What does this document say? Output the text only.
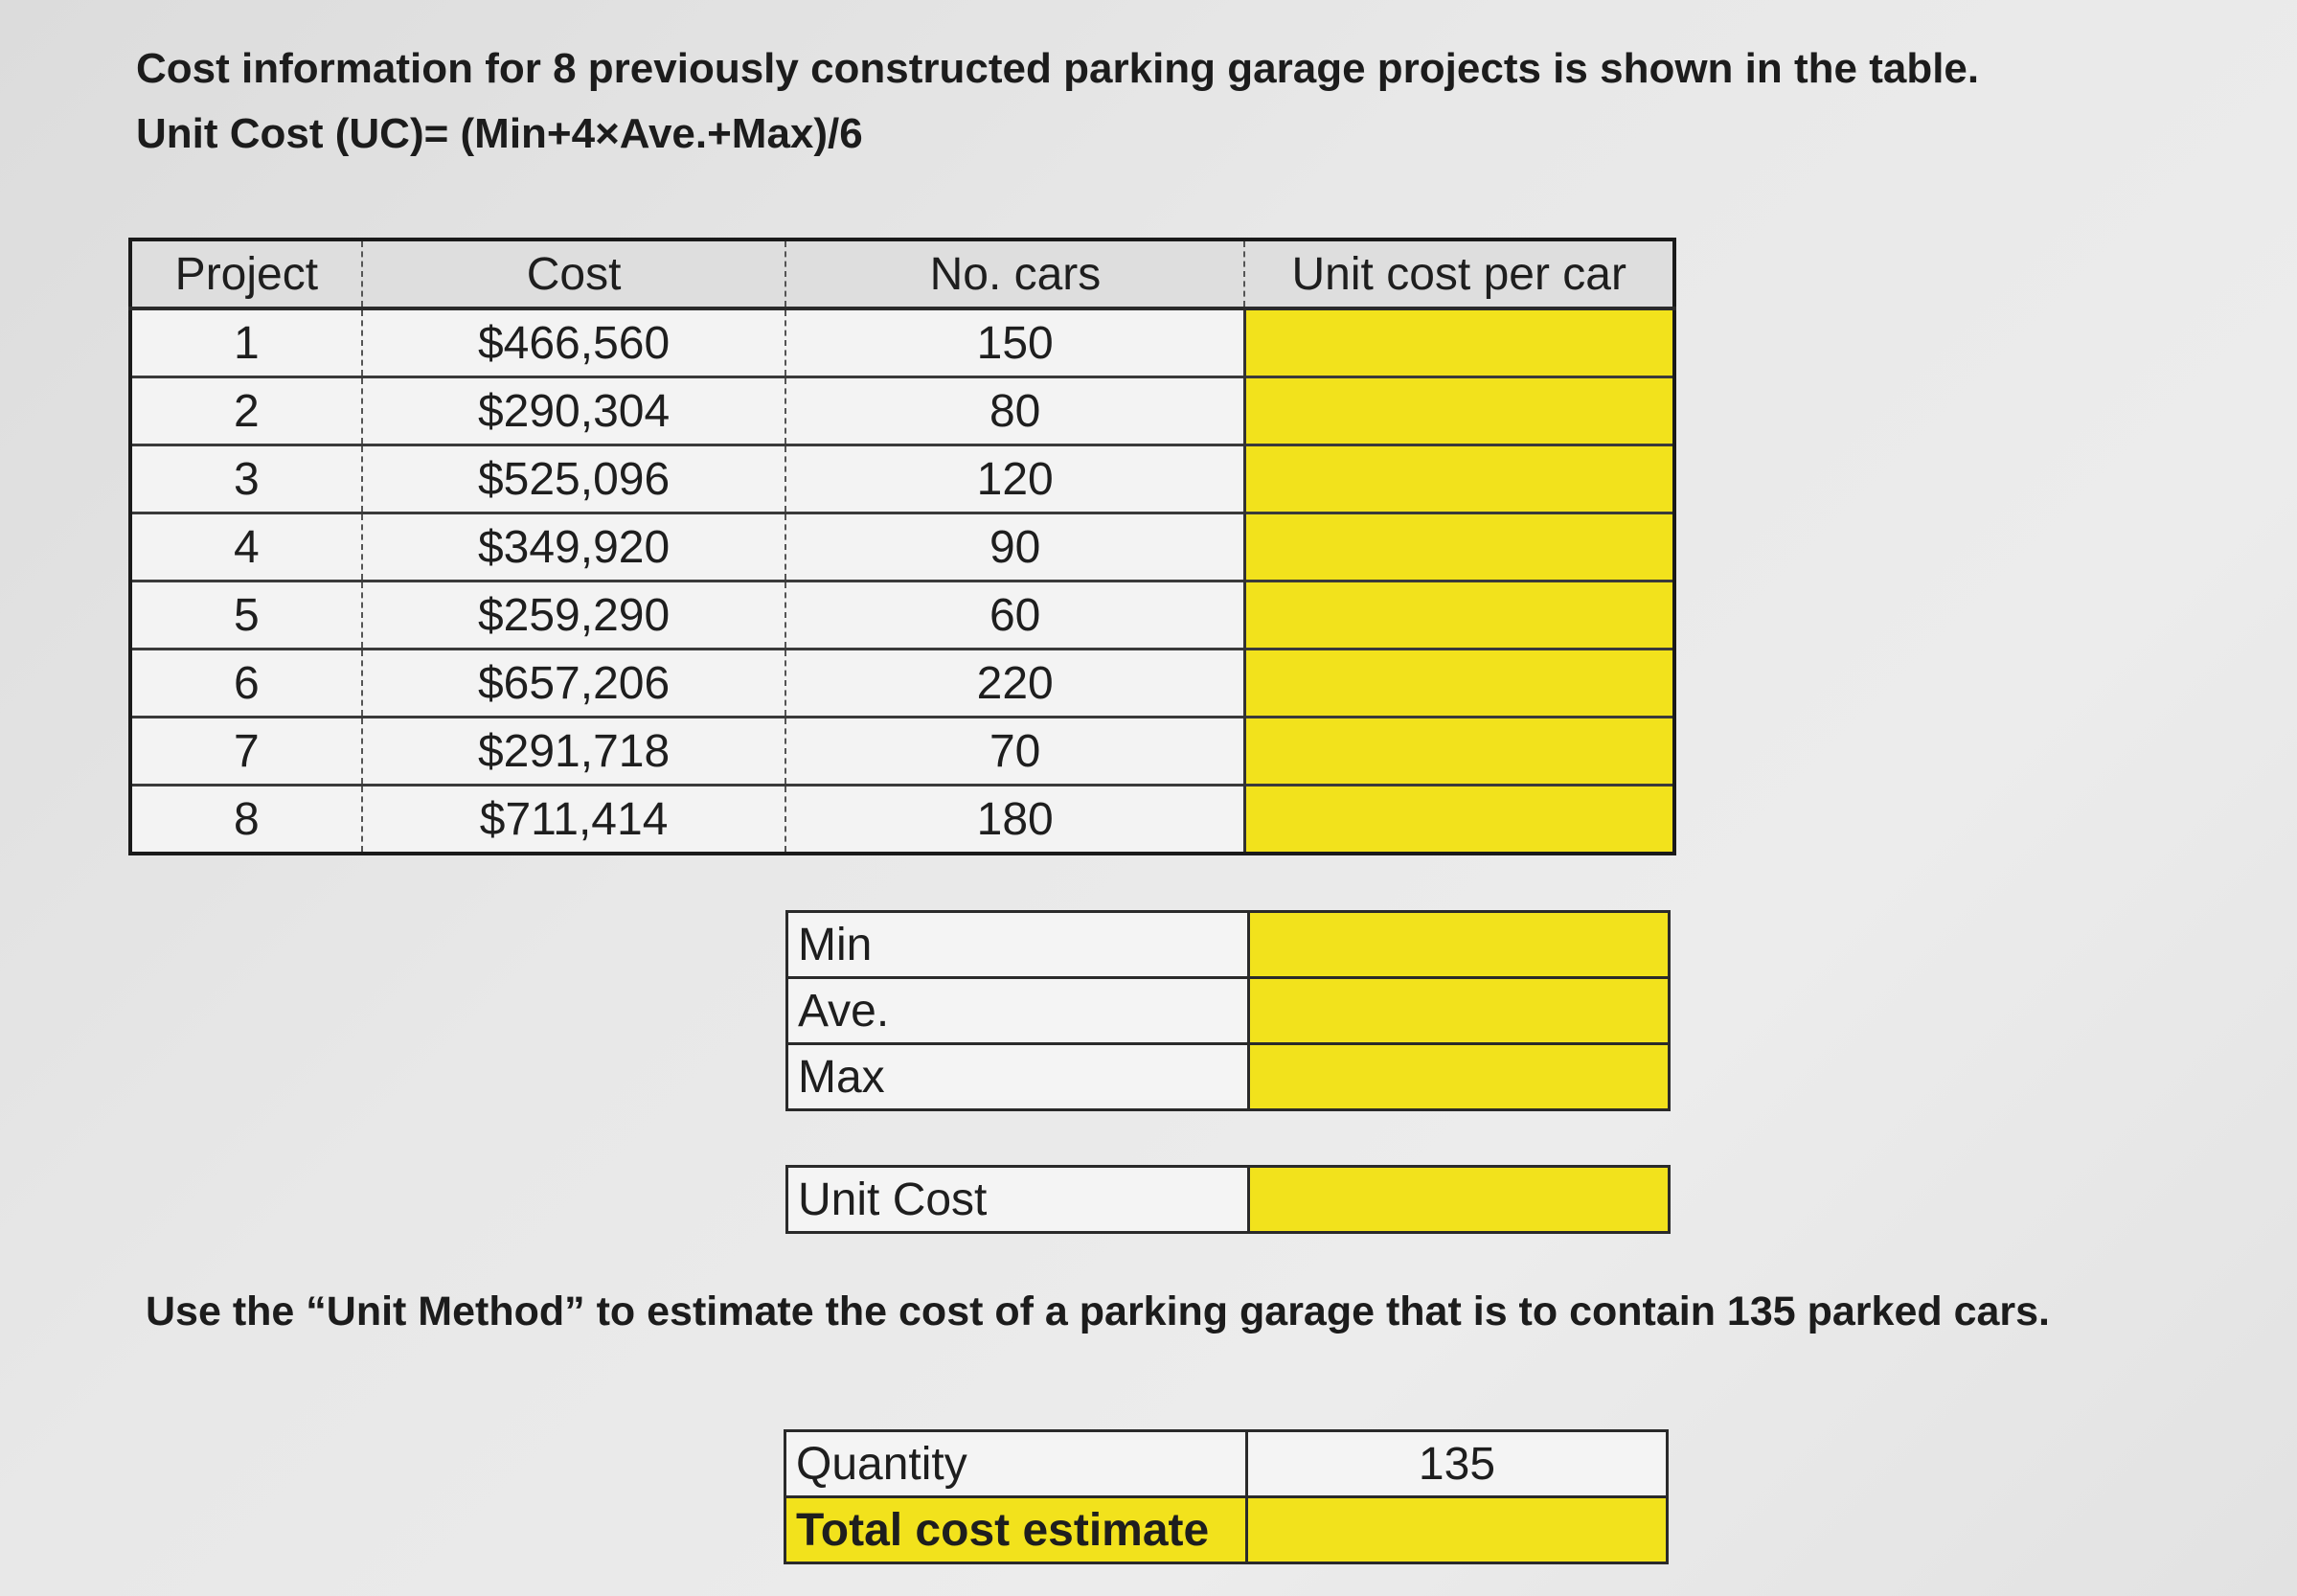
Cost information for 8 previously constructed parking garage projects is shown in the table.
Unit Cost (UC)= (Min+4×Ave.+Max)/6
Project	Cost	No. cars	Unit cost per car
1	$466,560	150	
2	$290,304	80	
3	$525,096	120	
4	$349,920	90	
5	$259,290	60	
6	$657,206	220	
7	$291,718	70	
8	$711,414	180	
Min	
Ave.	
Max	
Unit Cost	
Use the “Unit Method” to estimate the cost of a parking garage that is to contain 135 parked cars.
Quantity	135
Total cost estimate	
